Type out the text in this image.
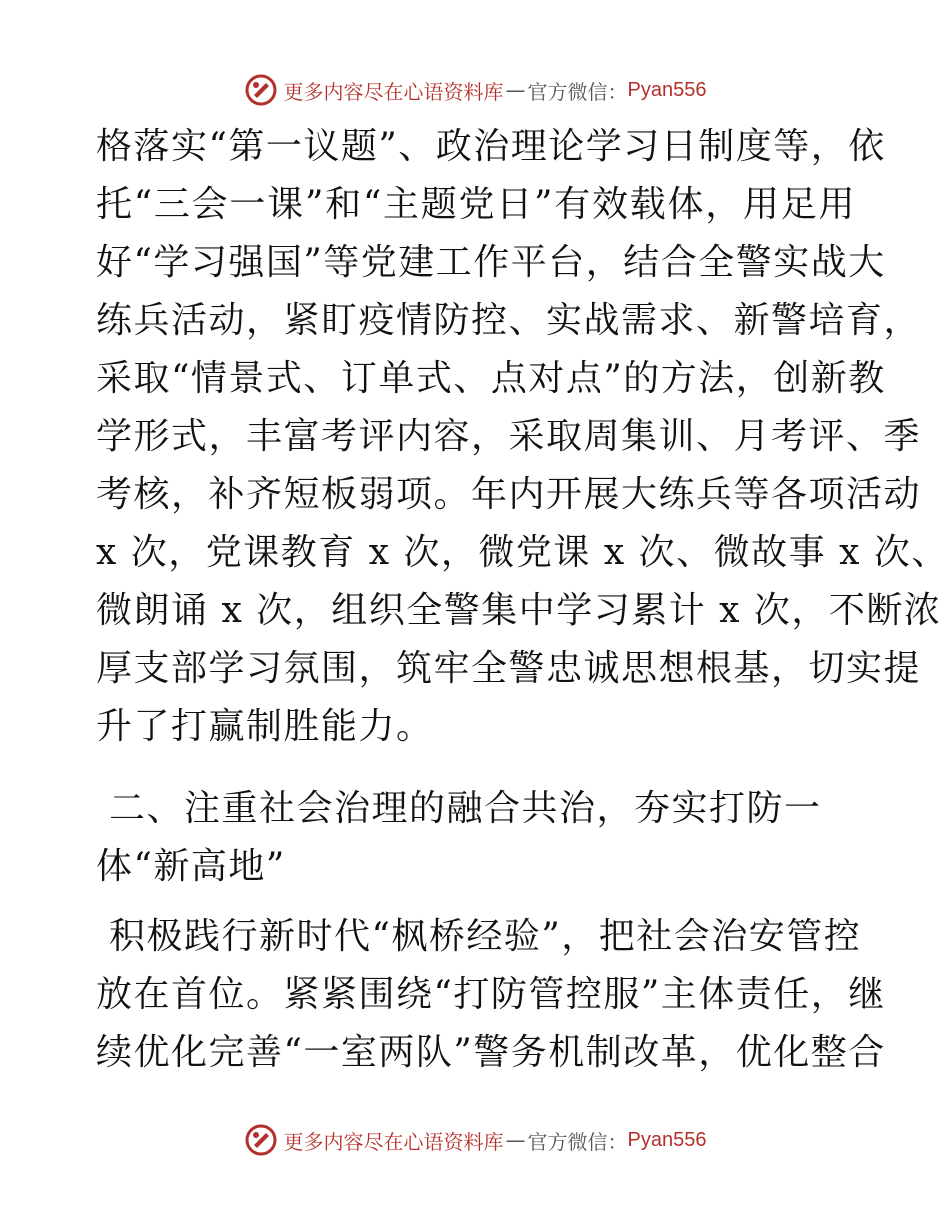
更多内容尽在心语资料库 — 官方微信： Pyan556
格落实“第一议题”、政治理论学习日制度等，依
托“三会一课”和“主题党日”有效载体，用足用
好“学习强国”等党建工作平台，结合全警实战大
练兵活动，紧盯疫情防控、实战需求、新警培育，
采取“情景式、订单式、点对点”的方法，创新教
学形式，丰富考评内容，采取周集训、月考评、季
考核，补齐短板弱项。年内开展大练兵等各项活动
x 次，党课教育 x 次，微党课 x 次、微故事 x 次、
微朗诵 x 次，组织全警集中学习累计 x 次，不断浓
厚支部学习氛围，筑牢全警忠诚思想根基，切实提
升了打赢制胜能力。
二、注重社会治理的融合共治，夯实打防一
体“新高地”
积极践行新时代“枫桥经验”，把社会治安管控
放在首位。紧紧围绕“打防管控服”主体责任，继
续优化完善“一室两队”警务机制改革，优化整合
更多内容尽在心语资料库 — 官方微信： Pyan556
